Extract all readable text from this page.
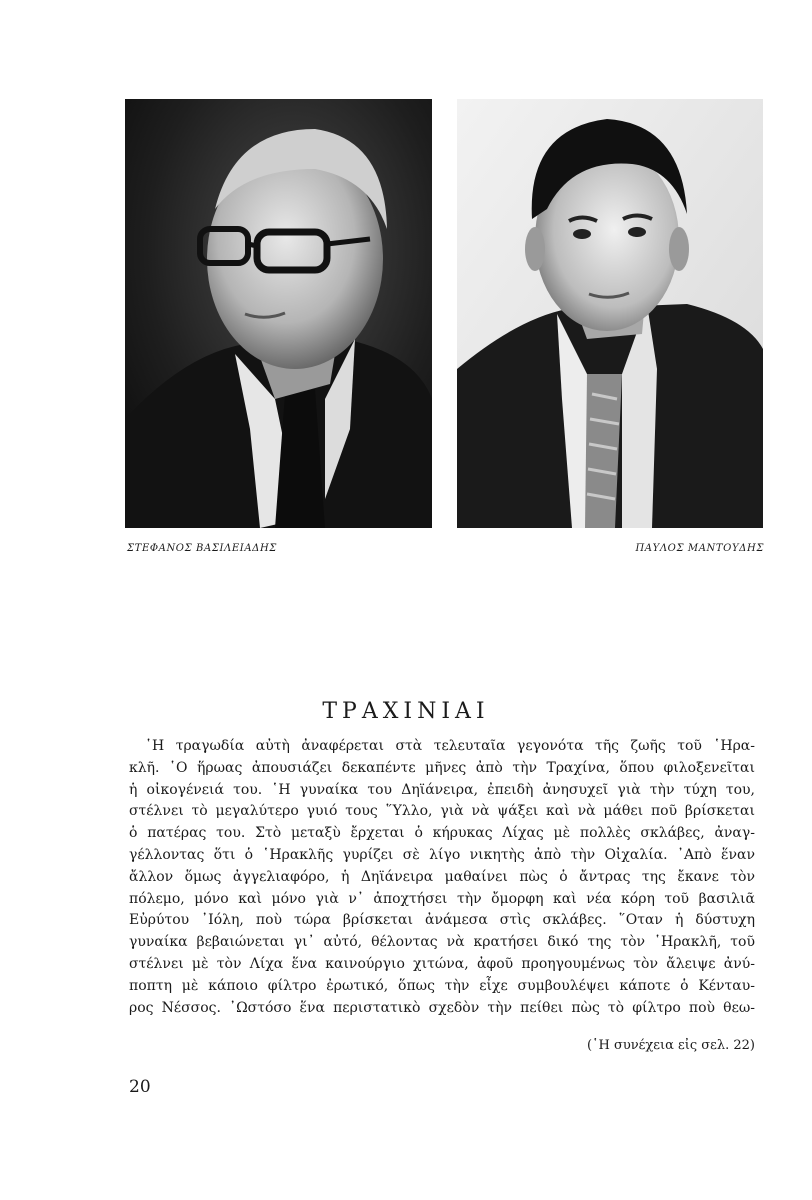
ΣΤΕΦΑΝΟΣ ΒΑΣΙΛΕΙΑΔΗΣ	ΠΑΥΛΟΣ ΜΑΝΤΟΥΔΗΣ
ΤΡΑΧΙΝΙΑΙ
῾Η τραγωδία αὐτὴ ἀναφέρεται στὰ τελευταῖα γεγονότα τῆς ζωῆς τοῦ ῾Ηρα-
κλῆ. ῾Ο ἥρωας ἀπουσιάζει δεκαπέντε μῆνες ἀπὸ τὴν Τραχίνα, ὅπου φιλοξενεῖται
ἡ οἰκογένειά του. ῾Η γυναίκα του Δηϊάνειρα, ἐπειδὴ ἀνησυχεῖ γιὰ τὴν τύχη του,
στέλνει τὸ μεγαλύτερο γυιό τους ῞Υλλο, γιὰ νὰ ψάξει καὶ νὰ μάθει ποῦ βρίσκεται
ὁ πατέρας του. Στὸ μεταξὺ ἔρχεται ὁ κήρυκας Λίχας μὲ πολλὲς σκλάβες, ἀναγ-
γέλλοντας ὅτι ὁ ῾Ηρακλῆς γυρίζει σὲ λίγο νικητὴς ἀπὸ τὴν Οἰχαλία. ᾿Απὸ ἕναν
ἄλλον ὅμως ἀγγελιαφόρο, ἡ Δηϊάνειρα μαθαίνει πὼς ὁ ἄντρας της ἔκανε τὸν
πόλεμο, μόνο καὶ μόνο γιὰ ν᾿ ἀποχτήσει τὴν ὄμορφη καὶ νέα κόρη τοῦ βασιλιᾶ
Εὐρύτου ᾿Ιόλη, ποὺ τώρα βρίσκεται ἀνάμεσα στὶς σκλάβες. ῞Οταν ἡ δύστυχη
γυναίκα βεβαιώνεται γι᾿ αὐτό, θέλοντας νὰ κρατήσει δικό της τὸν ῾Ηρακλῆ, τοῦ
στέλνει μὲ τὸν Λίχα ἕνα καινούργιο χιτώνα, ἀφοῦ προηγουμένως τὸν ἄλειψε ἀνύ-
ποπτη μὲ κάποιο φίλτρο ἐρωτικό, ὅπως τὴν εἶχε συμβουλέψει κάποτε ὁ Κένταυ-
ρος Νέσσος. ᾿Ωστόσο ἕνα περιστατικὸ σχεδὸν τὴν πείθει πὼς τὸ φίλτρο ποὺ θεω-
(῾Η συνέχεια εἰς σελ. 22)
20
